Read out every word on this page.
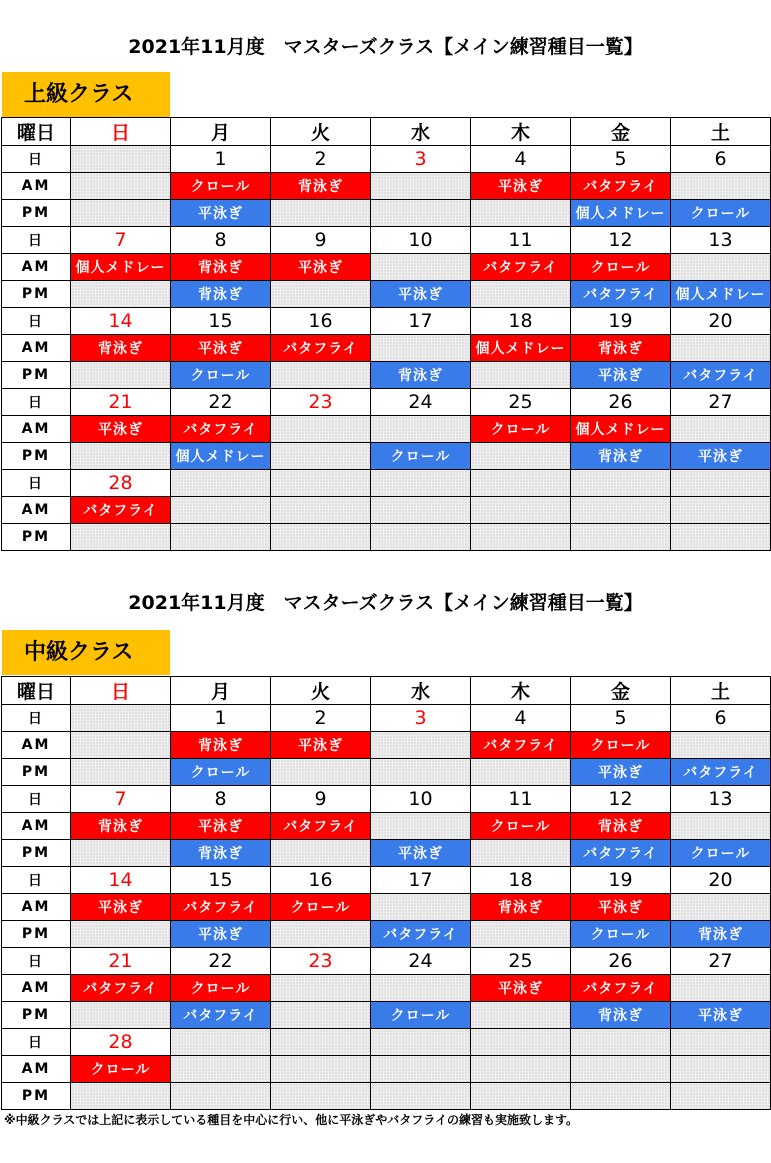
2021年11月度　マスターズクラス【メイン練習種目一覧】
上級クラス
曜日	日	月	火	水	木	金	土
日		1	2	3	4	5	6
AM		クロール	背泳ぎ		平泳ぎ	バタフライ	
PM		平泳ぎ				個人メドレー	クロール
日	7	8	9	10	11	12	13
AM	個人メドレー	背泳ぎ	平泳ぎ		バタフライ	クロール	
PM		背泳ぎ		平泳ぎ		バタフライ	個人メドレー
日	14	15	16	17	18	19	20
AM	背泳ぎ	平泳ぎ	バタフライ		個人メドレー	背泳ぎ	
PM		クロール		背泳ぎ		平泳ぎ	バタフライ
日	21	22	23	24	25	26	27
AM	平泳ぎ	バタフライ			クロール	個人メドレー	
PM		個人メドレー		クロール		背泳ぎ	平泳ぎ
日	28						
AM	バタフライ						
PM							
2021年11月度　マスターズクラス【メイン練習種目一覧】
中級クラス
曜日	日	月	火	水	木	金	土
日		1	2	3	4	5	6
AM		背泳ぎ	平泳ぎ		バタフライ	クロール	
PM		クロール				平泳ぎ	バタフライ
日	7	8	9	10	11	12	13
AM	背泳ぎ	平泳ぎ	バタフライ		クロール	背泳ぎ	
PM		背泳ぎ		平泳ぎ		バタフライ	クロール
日	14	15	16	17	18	19	20
AM	平泳ぎ	バタフライ	クロール		背泳ぎ	平泳ぎ	
PM		平泳ぎ		バタフライ		クロール	背泳ぎ
日	21	22	23	24	25	26	27
AM	バタフライ	クロール			平泳ぎ	バタフライ	
PM		バタフライ		クロール		背泳ぎ	平泳ぎ
日	28						
AM	クロール						
PM							
※中級クラスでは上記に表示している種目を中心に行い、他に平泳ぎやバタフライの練習も実施致します。
